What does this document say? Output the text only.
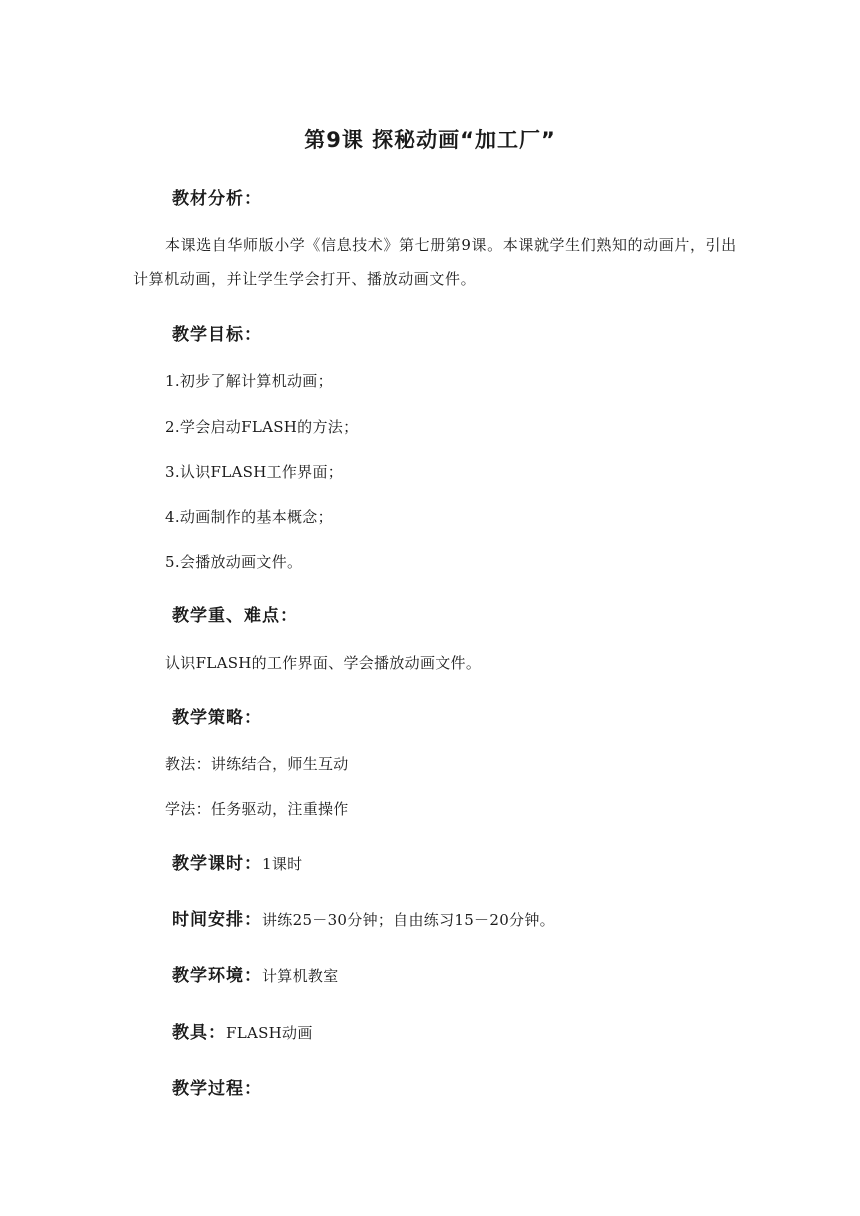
第9课 探秘动画“加工厂”
教材分析：
本课选自华师版小学《信息技术》第七册第9课。本课就学生们熟知的动画片，引出计算机动画，并让学生学会打开、播放动画文件。
教学目标：
1.初步了解计算机动画；
2.学会启动FLASH的方法；
3.认识FLASH工作界面；
4.动画制作的基本概念；
5.会播放动画文件。
教学重、难点：
认识FLASH的工作界面、学会播放动画文件。
教学策略：
教法：讲练结合，师生互动
学法：任务驱动，注重操作
教学课时：1课时
时间安排：讲练25－30分钟；自由练习15－20分钟。
教学环境：计算机教室
教具：FLASH动画
教学过程：
